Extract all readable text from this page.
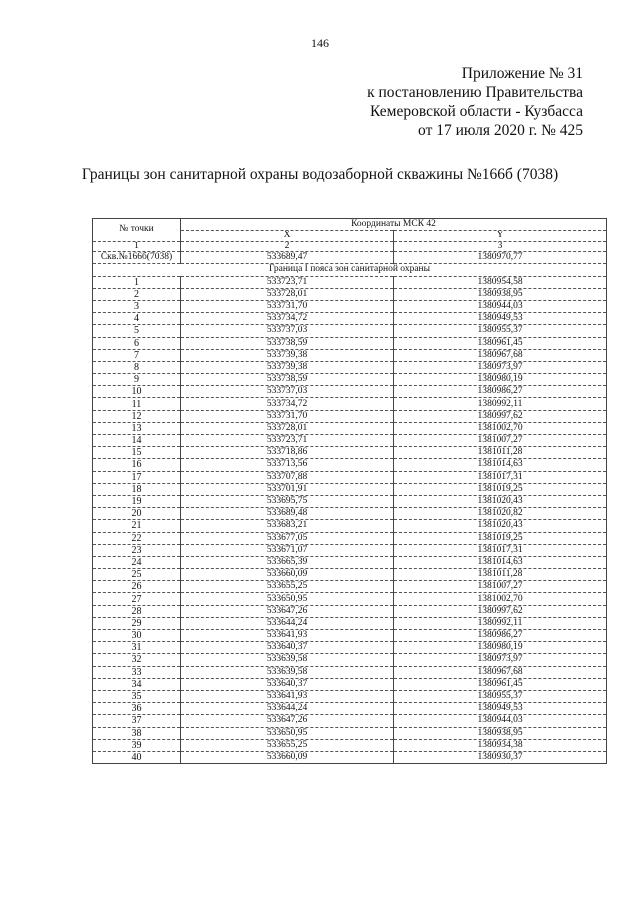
146
Приложение № 31
к постановлению Правительства
Кемеровской области - Кузбасса
от 17 июля 2020 г. № 425
Границы зон санитарной охраны водозаборной скважины №166б (7038)
№ точки	Координаты МСК 42	
	X	Y
1	2	3
Скв.№166б(7038)	533689,47	1380970,77
Граница I пояса зон санитарной охраны		
1	533723,71	1380954,58
2	533728,01	1380938,95
3	533731,70	1380944,03
4	533734,72	1380949,53
5	533737,03	1380955,37
6	533738,59	1380961,45
7	533739,38	1380967,68
8	533739,38	1380973,97
9	533738,59	1380980,19
10	533737,03	1380986,27
11	533734,72	1380992,11
12	533731,70	1380997,62
13	533728,01	1381002,70
14	533723,71	1381007,27
15	533718,86	1381011,28
16	533713,56	1381014,63
17	533707,88	1381017,31
18	533701,91	1381019,25
19	533695,75	1381020,43
20	533689,48	1381020,82
21	533683,21	1381020,43
22	533677,05	1381019,25
23	533671,07	1381017,31
24	533665,39	1381014,63
25	533660,09	1381011,28
26	533655,25	1381007,27
27	533650,95	1381002,70
28	533647,26	1380997,62
29	533644,24	1380992,11
30	533641,93	1380986,27
31	533640,37	1380980,19
32	533639,58	1380973,97
33	533639,58	1380967,68
34	533640,37	1380961,45
35	533641,93	1380955,37
36	533644,24	1380949,53
37	533647,26	1380944,03
38	533650,95	1380938,95
39	533655,25	1380934,38
40	533660,09	1380930,37
